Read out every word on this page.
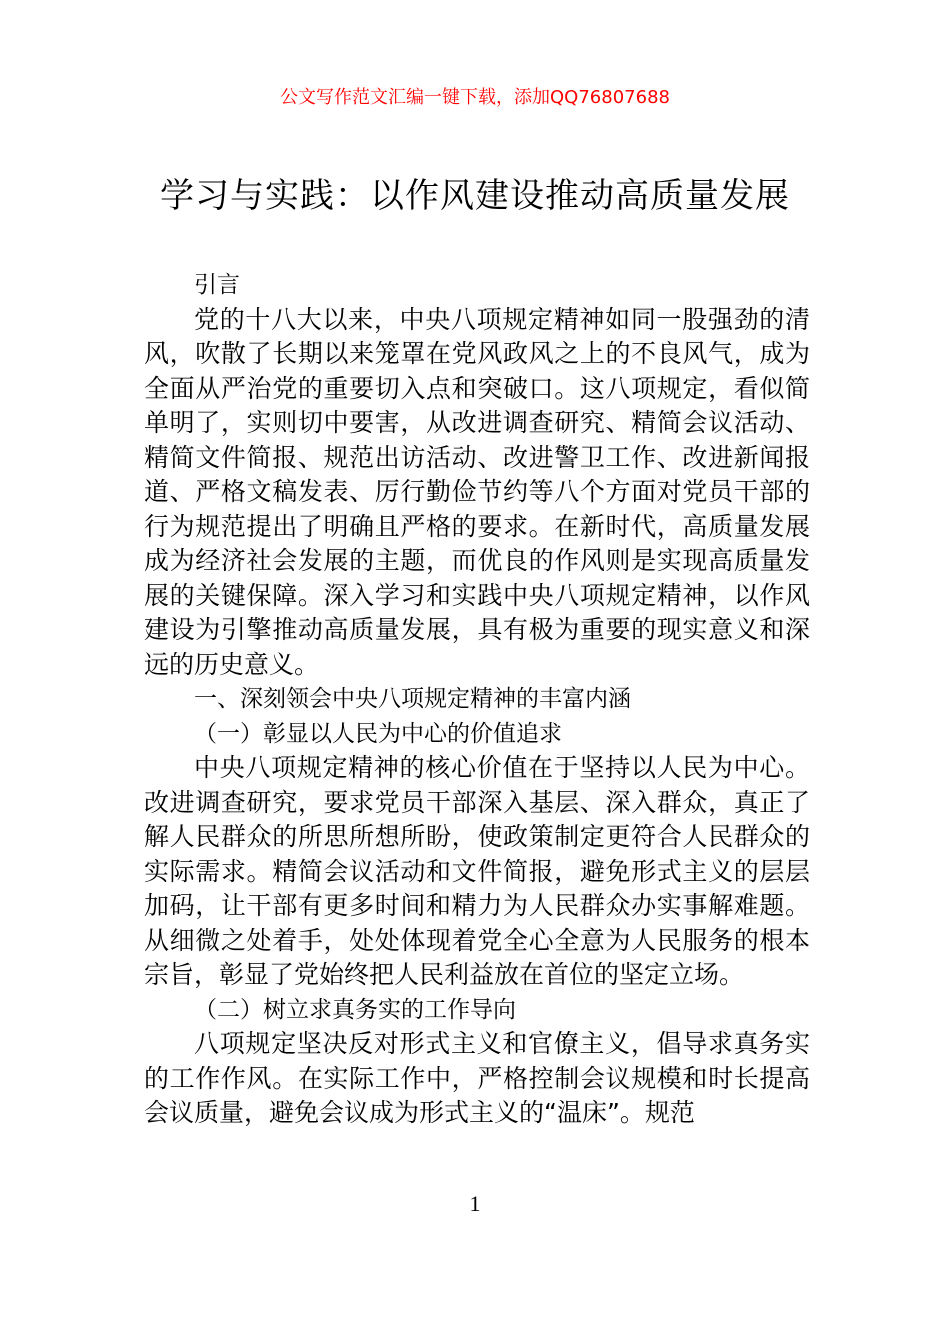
公文写作范文汇编一键下载，添加QQ76807688
学习与实践：以作风建设推动高质量发展

引言

党的十八大以来，中央八项规定精神如同一股强劲的清风，吹散了长期以来笼罩在党风政风之上的不良风气，成为全面从严治党的重要切入点和突破口。这八项规定，看似简单明了，实则切中要害，从改进调查研究、精简会议活动、精简文件简报、规范出访活动、改进警卫工作、改进新闻报道、严格文稿发表、厉行勤俭节约等八个方面对党员干部的行为规范提出了明确且严格的要求。在新时代，高质量发展成为经济社会发展的主题，而优良的作风则是实现高质量发展的关键保障。深入学习和实践中央八项规定精神，以作风建设为引擎推动高质量发展，具有极为重要的现实意义和深远的历史意义。

一、深刻领会中央八项规定精神的丰富内涵

（一）彰显以人民为中心的价值追求

中央八项规定精神的核心价值在于坚持以人民为中心。改进调查研究，要求党员干部深入基层、深入群众，真正了解人民群众的所思所想所盼，使政策制定更符合人民群众的实际需求。精简会议活动和文件简报，避免形式主义的层层加码，让干部有更多时间和精力为人民群众办实事解难题。从细微之处着手，处处体现着党全心全意为人民服务的根本宗旨，彰显了党始终把人民利益放在首位的坚定立场。

（二）树立求真务实的工作导向

八项规定坚决反对形式主义和官僚主义，倡导求真务实的工作作风。在实际工作中，严格控制会议规模和时长提高会议质量，避免会议成为形式主义的“温床”。规范

1
